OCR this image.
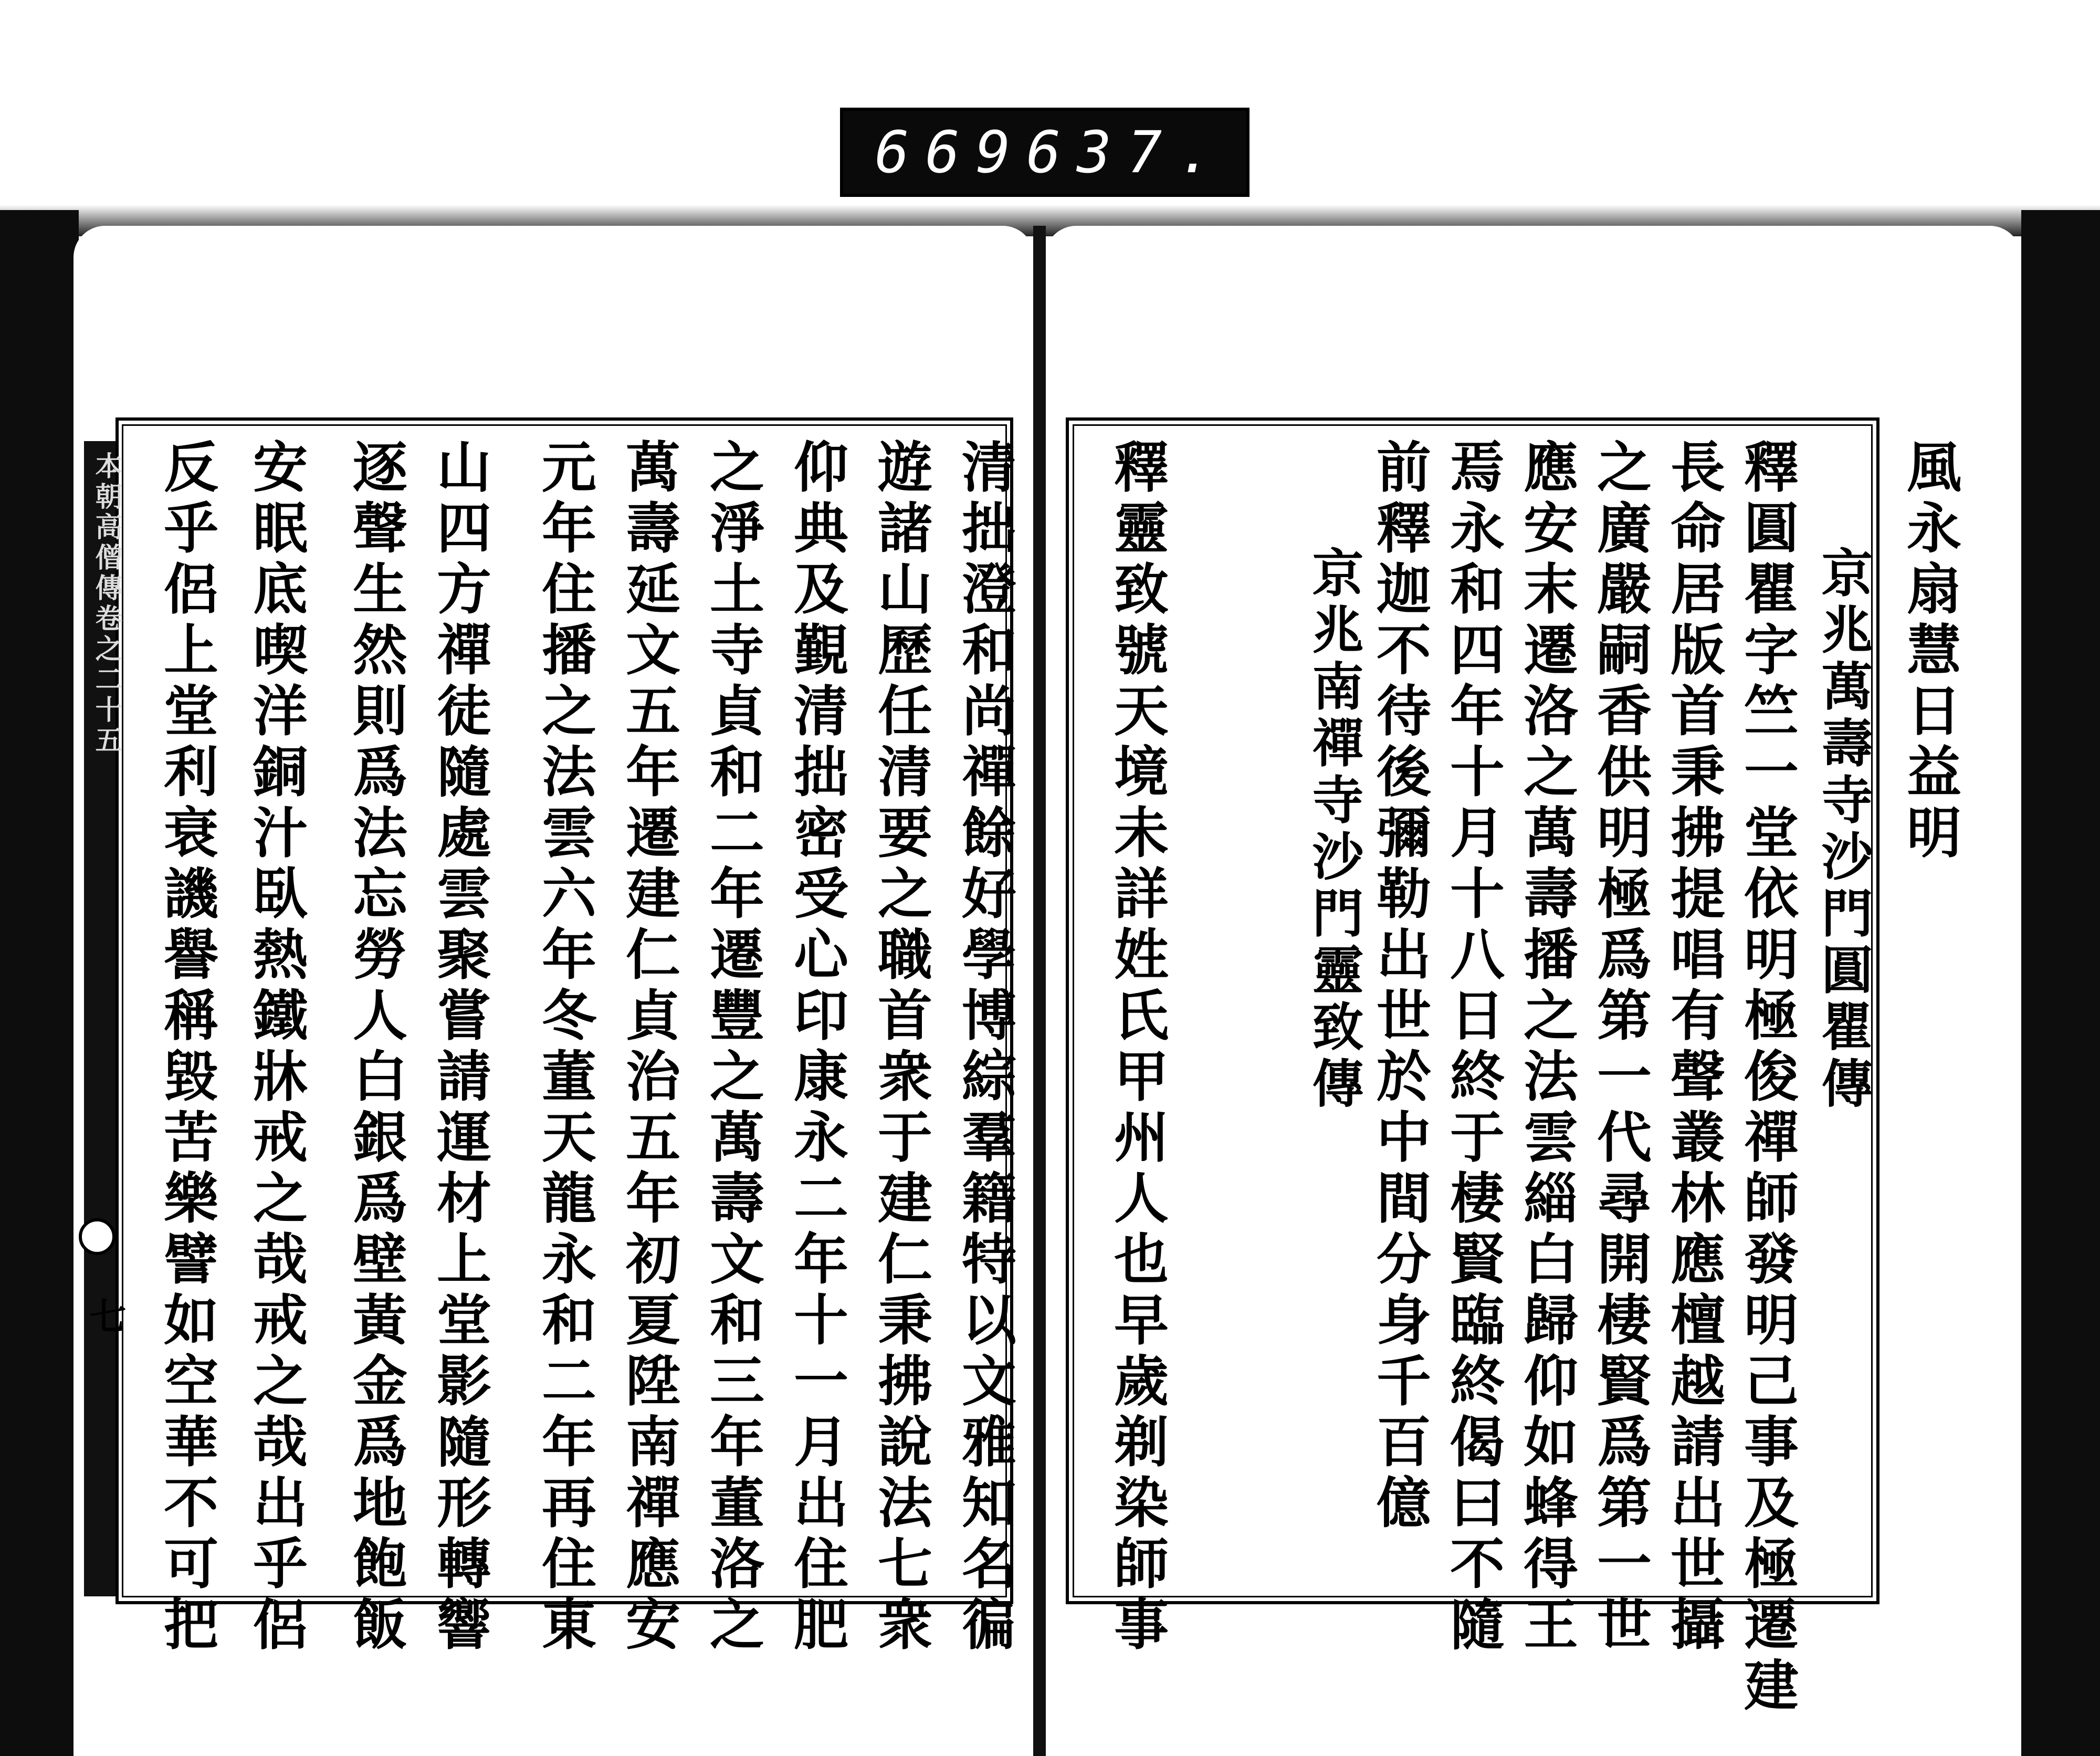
669 637.
本朝高僧傳卷之二十五
七	釋圓瞿字竺一堂依明極俊禪師發明己事及極遷建
長命居版首秉拂提唱有聲叢林應檀越請出世攝
之廣嚴嗣香供明極爲第一代尋開棲賢爲第一世
應安末遷洛之萬壽播之法雲緇白歸仰如蜂得王
焉永和四年十月十八日終于棲賢臨終偈曰不隨
前釋迦不待後彌勒出世於中間分身千百億
京兆南禪寺沙門靈致傳
釋靈致號天境未詳姓氏甲州人也早歲剃染師事	風永扇慧日益明
京兆萬壽寺沙門圓瞿傳
清拙澄和尚禪餘好學博綜羣籍特以文雅知名徧
遊諸山歷任清要之職首衆于建仁秉拂說法七衆
仰典及覲清拙密受心印康永二年十一月出住肥
之淨土寺貞和二年遷豐之萬壽文和三年董洛之
萬壽延文五年遷建仁貞治五年初夏陞南禪應安
元年住播之法雲六年冬董天龍永和二年再住東
山四方禪徒隨處雲聚嘗請運材上堂影隨形轉響
逐聲生然則爲法忘勞人白銀爲壁黃金爲地飽飯
安眠底喫洋銅汁臥熱鐵牀戒之哉戒之哉出乎侶
反乎侶上堂利衰譏譽稱毀苦樂譬如空華不可把
